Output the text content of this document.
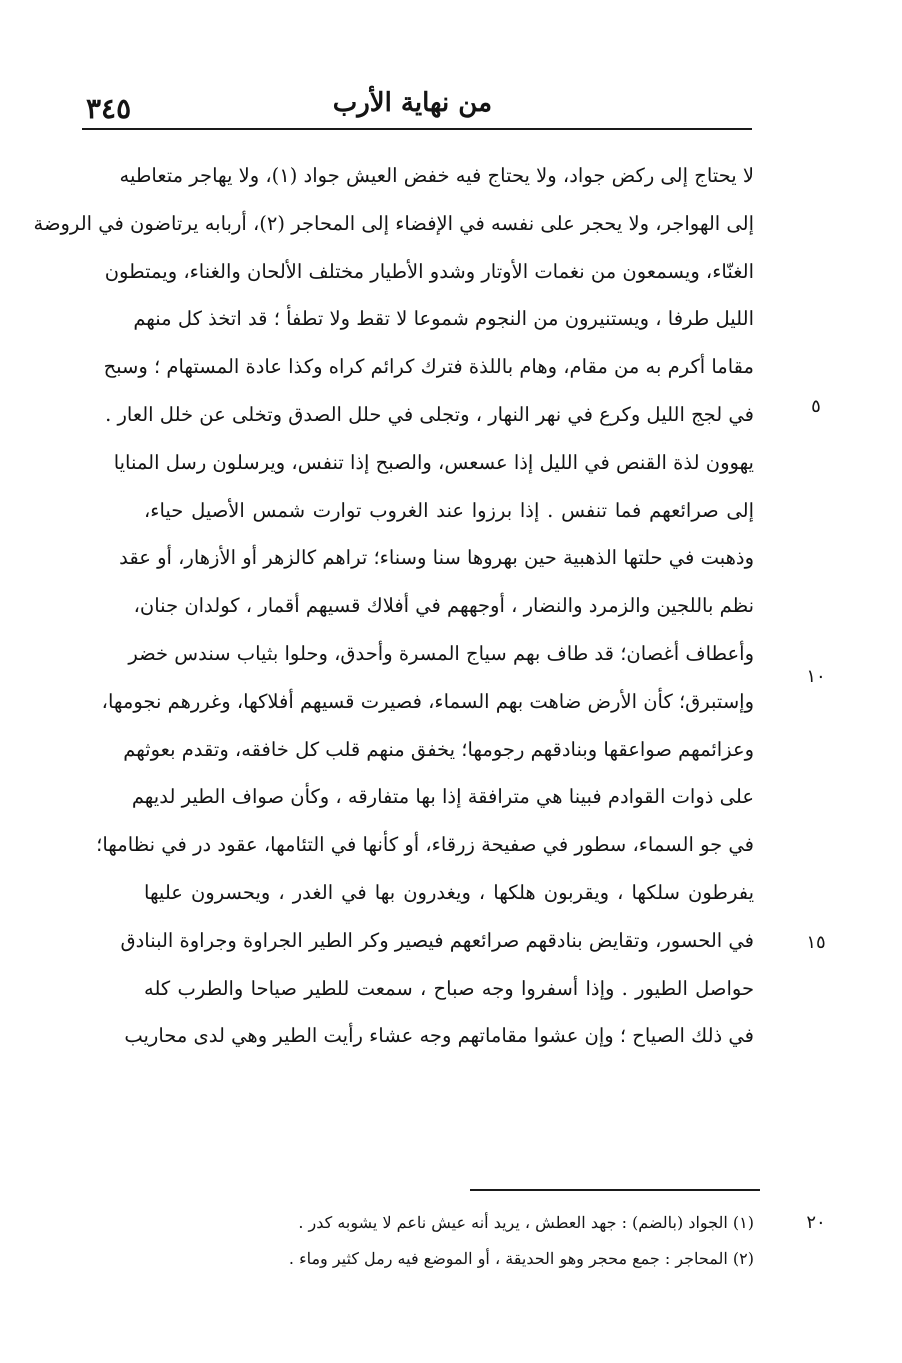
٣٤٥	من نهاية الأرب
لا يحتاج إلى ركض جواد، ولا يحتاج فيه خفض العيش جواد (١)، ولا يهاجر متعاطيه
إلى الهواجر، ولا يحجر على نفسه في الإفضاء إلى المحاجر (٢)، أربابه يرتاضون في الروضة
الغنّاء، ويسمعون من نغمات الأوتار وشدو الأطيار مختلف الألحان والغناء، ويمتطون
الليل طرفا ، ويستنيرون من النجوم شموعا لا تقط ولا تطفأ ؛ قد اتخذ كل منهم
مقاما أكرم به من مقام، وهام باللذة فترك كرائم كراه وكذا عادة المستهام ؛ وسبح
في لجج الليل وكرع في نهر النهار ، وتجلى في حلل الصدق وتخلى عن خلل العار .
يهوون لذة القنص في الليل إذا عسعس، والصبح إذا تنفس، ويرسلون رسل المنايا
إلى صرائعهم فما تنفس . إذا برزوا عند الغروب توارت شمس الأصيل حياء،
وذهبت في حلتها الذهبية حين بهروها سنا وسناء؛ تراهم كالزهر أو الأزهار، أو عقد
نظم باللجين والزمرد والنضار ، أوجههم في أفلاك قسيهم أقمار ، كولدان جنان،
وأعطاف أغصان؛ قد طاف بهم سياج المسرة وأحدق، وحلوا بثياب سندس خضر
وإستبرق؛ كأن الأرض ضاهت بهم السماء، فصيرت قسيهم أفلاكها، وغررهم نجومها،
وعزائمهم صواعقها وبنادقهم رجومها؛ يخفق منهم قلب كل خافقه، وتقدم بعوثهم
على ذوات القوادم فبينا هي مترافقة إذا بها متفارقه ، وكأن صواف الطير لديهم
في جو السماء، سطور في صفيحة زرقاء، أو كأنها في التئامها، عقود در في نظامها؛
يفرطون سلكها ، ويقربون هلكها ، ويغدرون بها في الغدر ، ويحسرون عليها
في الحسور، وتقايض بنادقهم صرائعهم فيصير وكر الطير الجراوة وجراوة البنادق
حواصل الطيور . وإذا أسفروا وجه صباح ، سمعت للطير صياحا والطرب كله
في ذلك الصياح ؛ وإن عشوا مقاماتهم وجه عشاء رأيت الطير وهي لدى محاريب
٥
١٠
١٥
٢٠
(١) الجواد (بالضم) : جهد العطش ، يريد أنه عيش ناعم لا يشوبه كدر .
(٢) المحاجر : جمع محجر وهو الحديقة ، أو الموضع فيه رمل كثير وماء .
